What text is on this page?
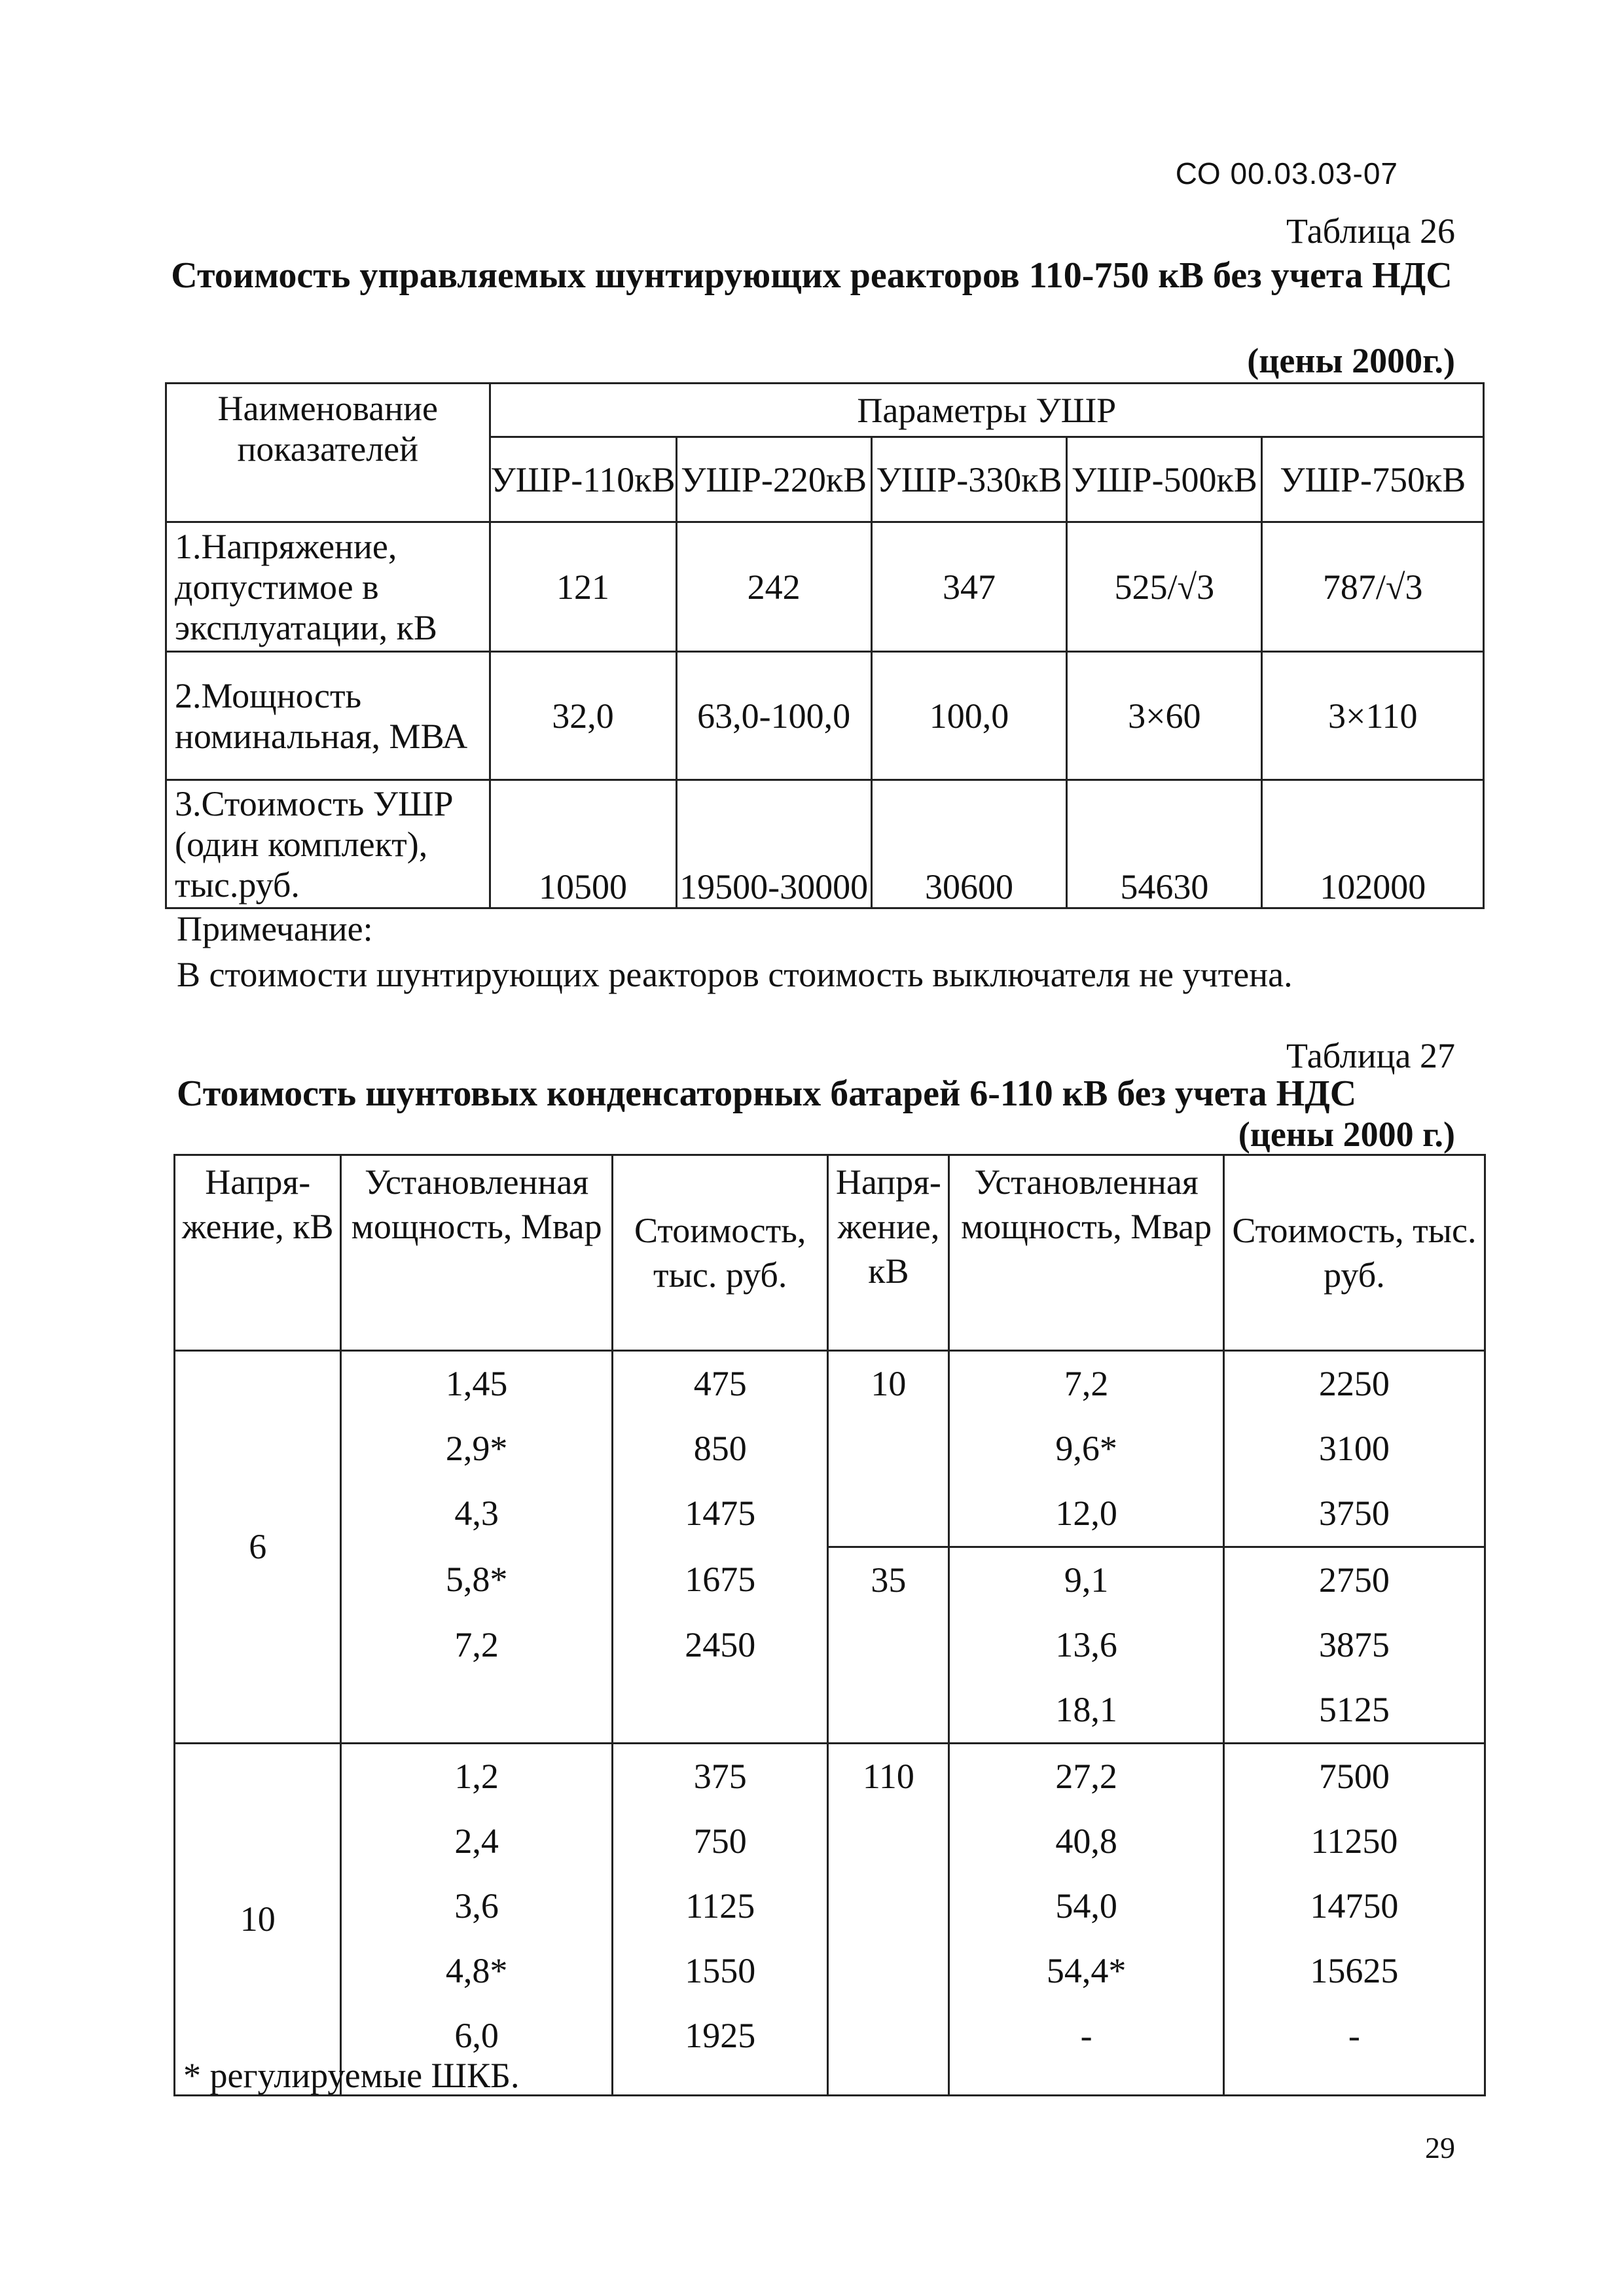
СО 00.03.03-07
Таблица 26
Стоимость управляемых шунтирующих реакторов 110-750 кВ без учета НДС
(цены 2000г.)
Наименование показателей	Параметры УШР				
	УШР-110кВ	УШР-220кВ	УШР-330кВ	УШР-500кВ	УШР-750кВ
1.Напряжение, допустимое в эксплуатации, кВ	121	242	347	525/√3	787/√3
2.Мощность номинальная, МВА	32,0	63,0-100,0	100,0	3×60	3×110
3.Стоимость УШР (один комплект), тыс.руб.	10500	19500-30000	30600	54630	102000
Примечание:
В стоимости шунтирующих реакторов стоимость выключателя не учтена.
Таблица 27
Стоимость шунтовых конденсаторных батарей 6-110 кВ без учета НДС
(цены 2000 г.)
Напря-жение, кВ	Установленная мощность, Мвар	Стоимость, тыс. руб.	Напря-жение, кВ	Установленная мощность, Мвар	Стоимость, тыс. руб.
6	1,45	475	10	7,2	2250
	2,9*	850		9,6*	3100
	4,3	1475		12,0	3750
	5,8*	1675	35	9,1	2750
	7,2	2450		13,6	3875
				18,1	5125
10	1,2	375	110	27,2	7500
	2,4	750		40,8	11250
	3,6	1125		54,0	14750
	4,8*	1550		54,4*	15625
	6,0	1925		-	-
* регулируемые ШКБ.
29
